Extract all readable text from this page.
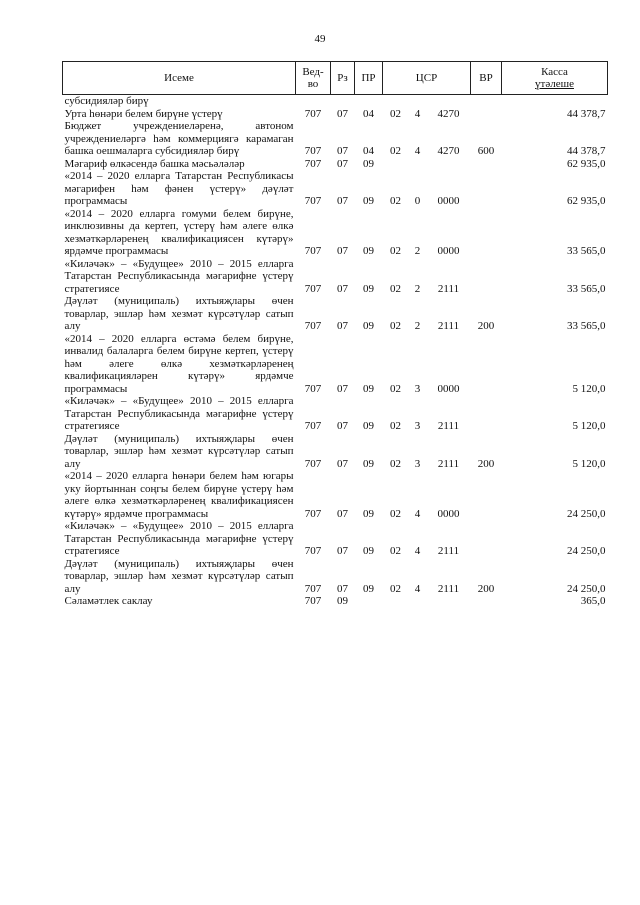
49
Исеме	Вед-во	Рз	ПР	ЦСР			ВР	Касса
үтәлеше

субсидияләр бирү								
Урта һөнәри белем бирүне үстерү	707	07	04	02	4	4270		44 378,7
Бюджет учреждениеләренә, автоном учреждениеләргә һәм коммерциягә карамаган башка оешмаларга субсидияләр бирү	707	07	04	02	4	4270	600	44 378,7
Мәгариф өлкәсендә башка мәсьәләләр	707	07	09					62 935,0
«2014 – 2020 елларга Татарстан Республикасы мәгарифен һәм фәнен үстерү» дәүләт программасы	707	07	09	02	0	0000		62 935,0
«2014 – 2020 елларга гомуми белем бирүне, инклюзивны да кертеп, үстерү һәм әлеге өлкә хезмәткәрләренең квалификациясен күтәрү» ярдәмче программасы	707	07	09	02	2	0000		33 565,0
«Киләчәк» – «Будущее» 2010 – 2015 елларга Татарстан Республикасында мәгарифне үстерү стратегиясе	707	07	09	02	2	2111		33 565,0
Дәүләт (муниципаль) ихтыяҗлары өчен товарлар, эшләр һәм хезмәт күрсәтүләр сатып алу	707	07	09	02	2	2111	200	33 565,0
«2014 – 2020 елларга өстәмә белем бирүне, инвалид балаларга белем бирүне кертеп, үстерү һәм әлеге өлкә хезмәткәрләренең квалификацияләрен күтәрү» ярдәмче программасы	707	07	09	02	3	0000		5 120,0
«Киләчәк» – «Будущее» 2010 – 2015 елларга Татарстан Республикасында мәгарифне үстерү стратегиясе	707	07	09	02	3	2111		5 120,0
Дәүләт (муниципаль) ихтыяҗлары өчен товарлар, эшләр һәм хезмәт күрсәтүләр сатып алу	707	07	09	02	3	2111	200	5 120,0
«2014 – 2020 елларга һөнәри белем һәм югары уку йортыннан соңгы белем бирүне үстерү һәм әлеге өлкә хезмәткәрләренең квалификациясен күтәрү» ярдәмче программасы	707	07	09	02	4	0000		24 250,0
«Киләчәк» – «Будущее» 2010 – 2015 елларга Татарстан Республикасында мәгарифне үстерү стратегиясе	707	07	09	02	4	2111		24 250,0
Дәүләт (муниципаль) ихтыяҗлары өчен товарлар, эшләр һәм хезмәт күрсәтүләр сатып алу	707	07	09	02	4	2111	200	24 250,0
Сәламәтлек саклау	707	09						365,0
